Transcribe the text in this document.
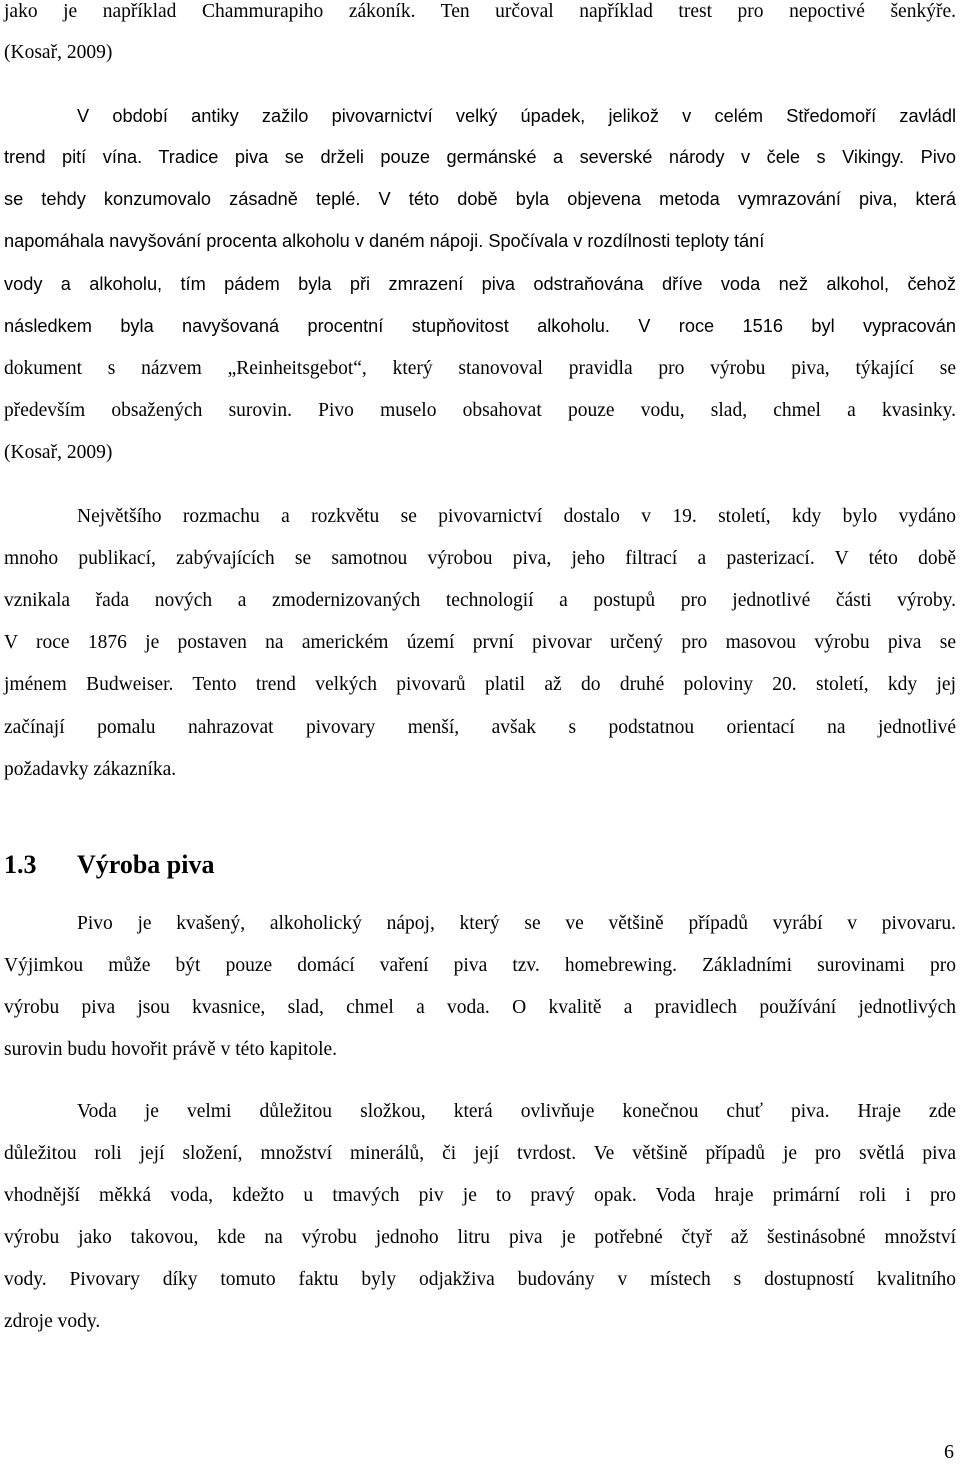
jako je například Chammurapiho zákoník. Ten určoval například trest pro nepoctivé šenkýře.
(Kosař, 2009)
V období antiky zažilo pivovarnictví velký úpadek, jelikož v celém Středomoří zavládl
trend pití vína. Tradice piva se drželi pouze germánské a severské národy v čele s Vikingy. Pivo
se tehdy konzumovalo zásadně teplé. V této době byla objevena metoda vymrazování piva, která
napomáhala navyšování procenta alkoholu v daném nápoji. Spočívala v rozdílnosti teploty tání
vody a alkoholu, tím pádem byla při zmrazení piva odstraňována dříve voda než alkohol, čehož
následkem byla navyšovaná procentní stupňovitost alkoholu. V roce 1516 byl vypracován
dokument s názvem „Reinheitsgebot“, který stanovoval pravidla pro výrobu piva, týkající se
především obsažených surovin. Pivo muselo obsahovat pouze vodu, slad, chmel a kvasinky.
(Kosař, 2009)
Největšího rozmachu a rozkvětu se pivovarnictví dostalo v 19. století, kdy bylo vydáno
mnoho publikací, zabývajících se samotnou výrobou piva, jeho filtrací a pasterizací. V této době
vznikala řada nových a zmodernizovaných technologií a postupů pro jednotlivé části výroby.
V roce 1876 je postaven na americkém území první pivovar určený pro masovou výrobu piva se
jménem Budweiser. Tento trend velkých pivovarů platil až do druhé poloviny 20. století, kdy jej
začínají pomalu nahrazovat pivovary menší, avšak s podstatnou orientací na jednotlivé
požadavky zákazníka.
1.3 Výroba piva
Pivo je kvašený, alkoholický nápoj, který se ve většině případů vyrábí v pivovaru.
Výjimkou může být pouze domácí vaření piva tzv. homebrewing. Základními surovinami pro
výrobu piva jsou kvasnice, slad, chmel a voda. O kvalitě a pravidlech používání jednotlivých
surovin budu hovořit právě v této kapitole.
Voda je velmi důležitou složkou, která ovlivňuje konečnou chuť piva. Hraje zde
důležitou roli její složení, množství minerálů, či její tvrdost. Ve většině případů je pro světlá piva
vhodnější měkká voda, kdežto u tmavých piv je to pravý opak. Voda hraje primární roli i pro
výrobu jako takovou, kde na výrobu jednoho litru piva je potřebné čtyř až šestinásobné množství
vody. Pivovary díky tomuto faktu byly odjakživa budovány v místech s dostupností kvalitního
zdroje vody.
6
